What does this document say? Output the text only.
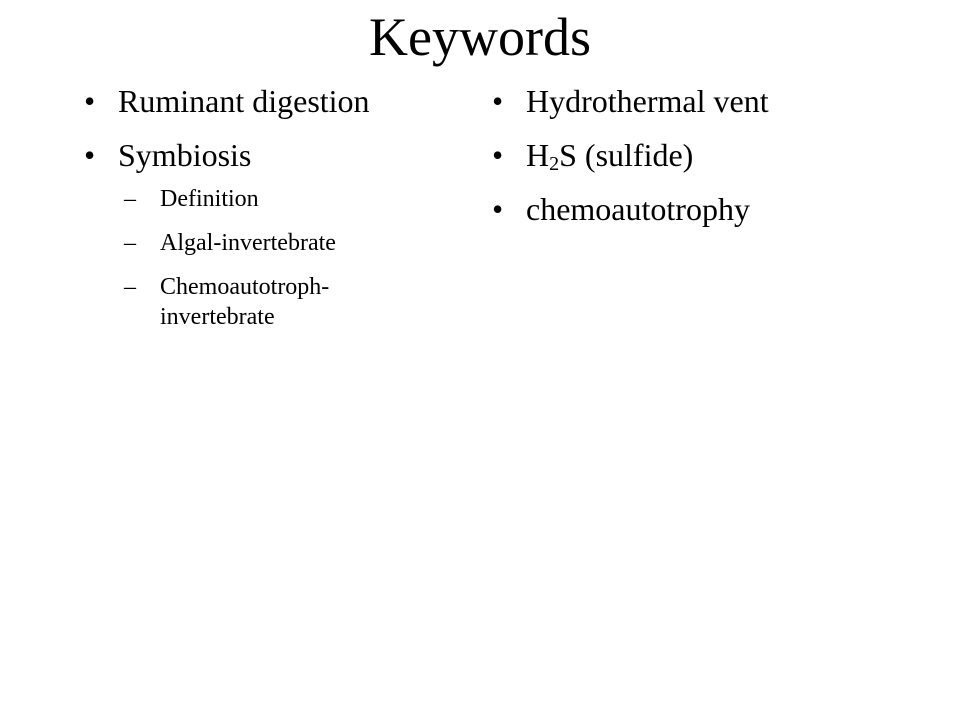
Keywords
• Ruminant digestion
• Symbiosis
– Definition
– Algal-invertebrate
– Chemoautotroph-invertebrate
• Hydrothermal vent
• $H_2S$ (sulfide)
• chemoautotrophy
